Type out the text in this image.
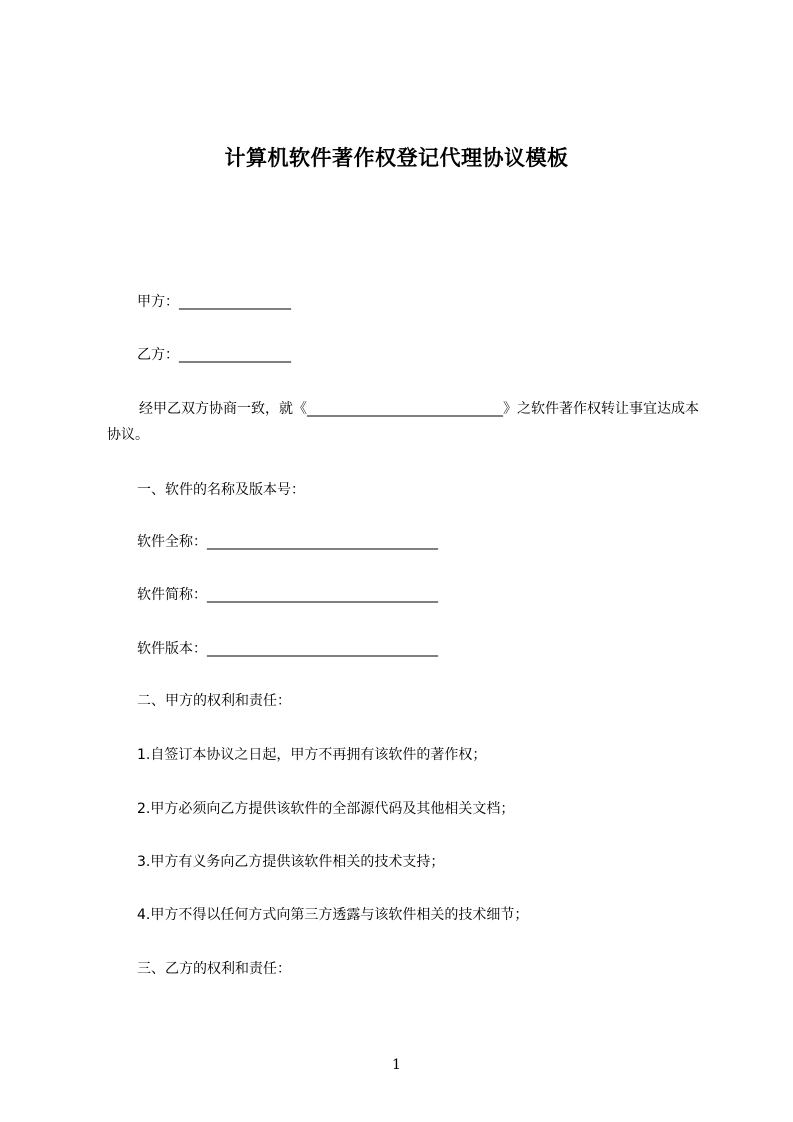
计算机软件著作权登记代理协议模板
甲方：________________
乙方：________________

经甲乙双方协商一致，就《____________________________》之软件著作权转让事宜达成本协议。

一、软件的名称及版本号：
软件全称：_________________________________
软件简称：_________________________________
软件版本：_________________________________
二、甲方的权利和责任：
1.自签订本协议之日起，甲方不再拥有该软件的著作权；
2.甲方必须向乙方提供该软件的全部源代码及其他相关文档；
3.甲方有义务向乙方提供该软件相关的技术支持；
4.甲方不得以任何方式向第三方透露与该软件相关的技术细节；
三、乙方的权利和责任：
1
